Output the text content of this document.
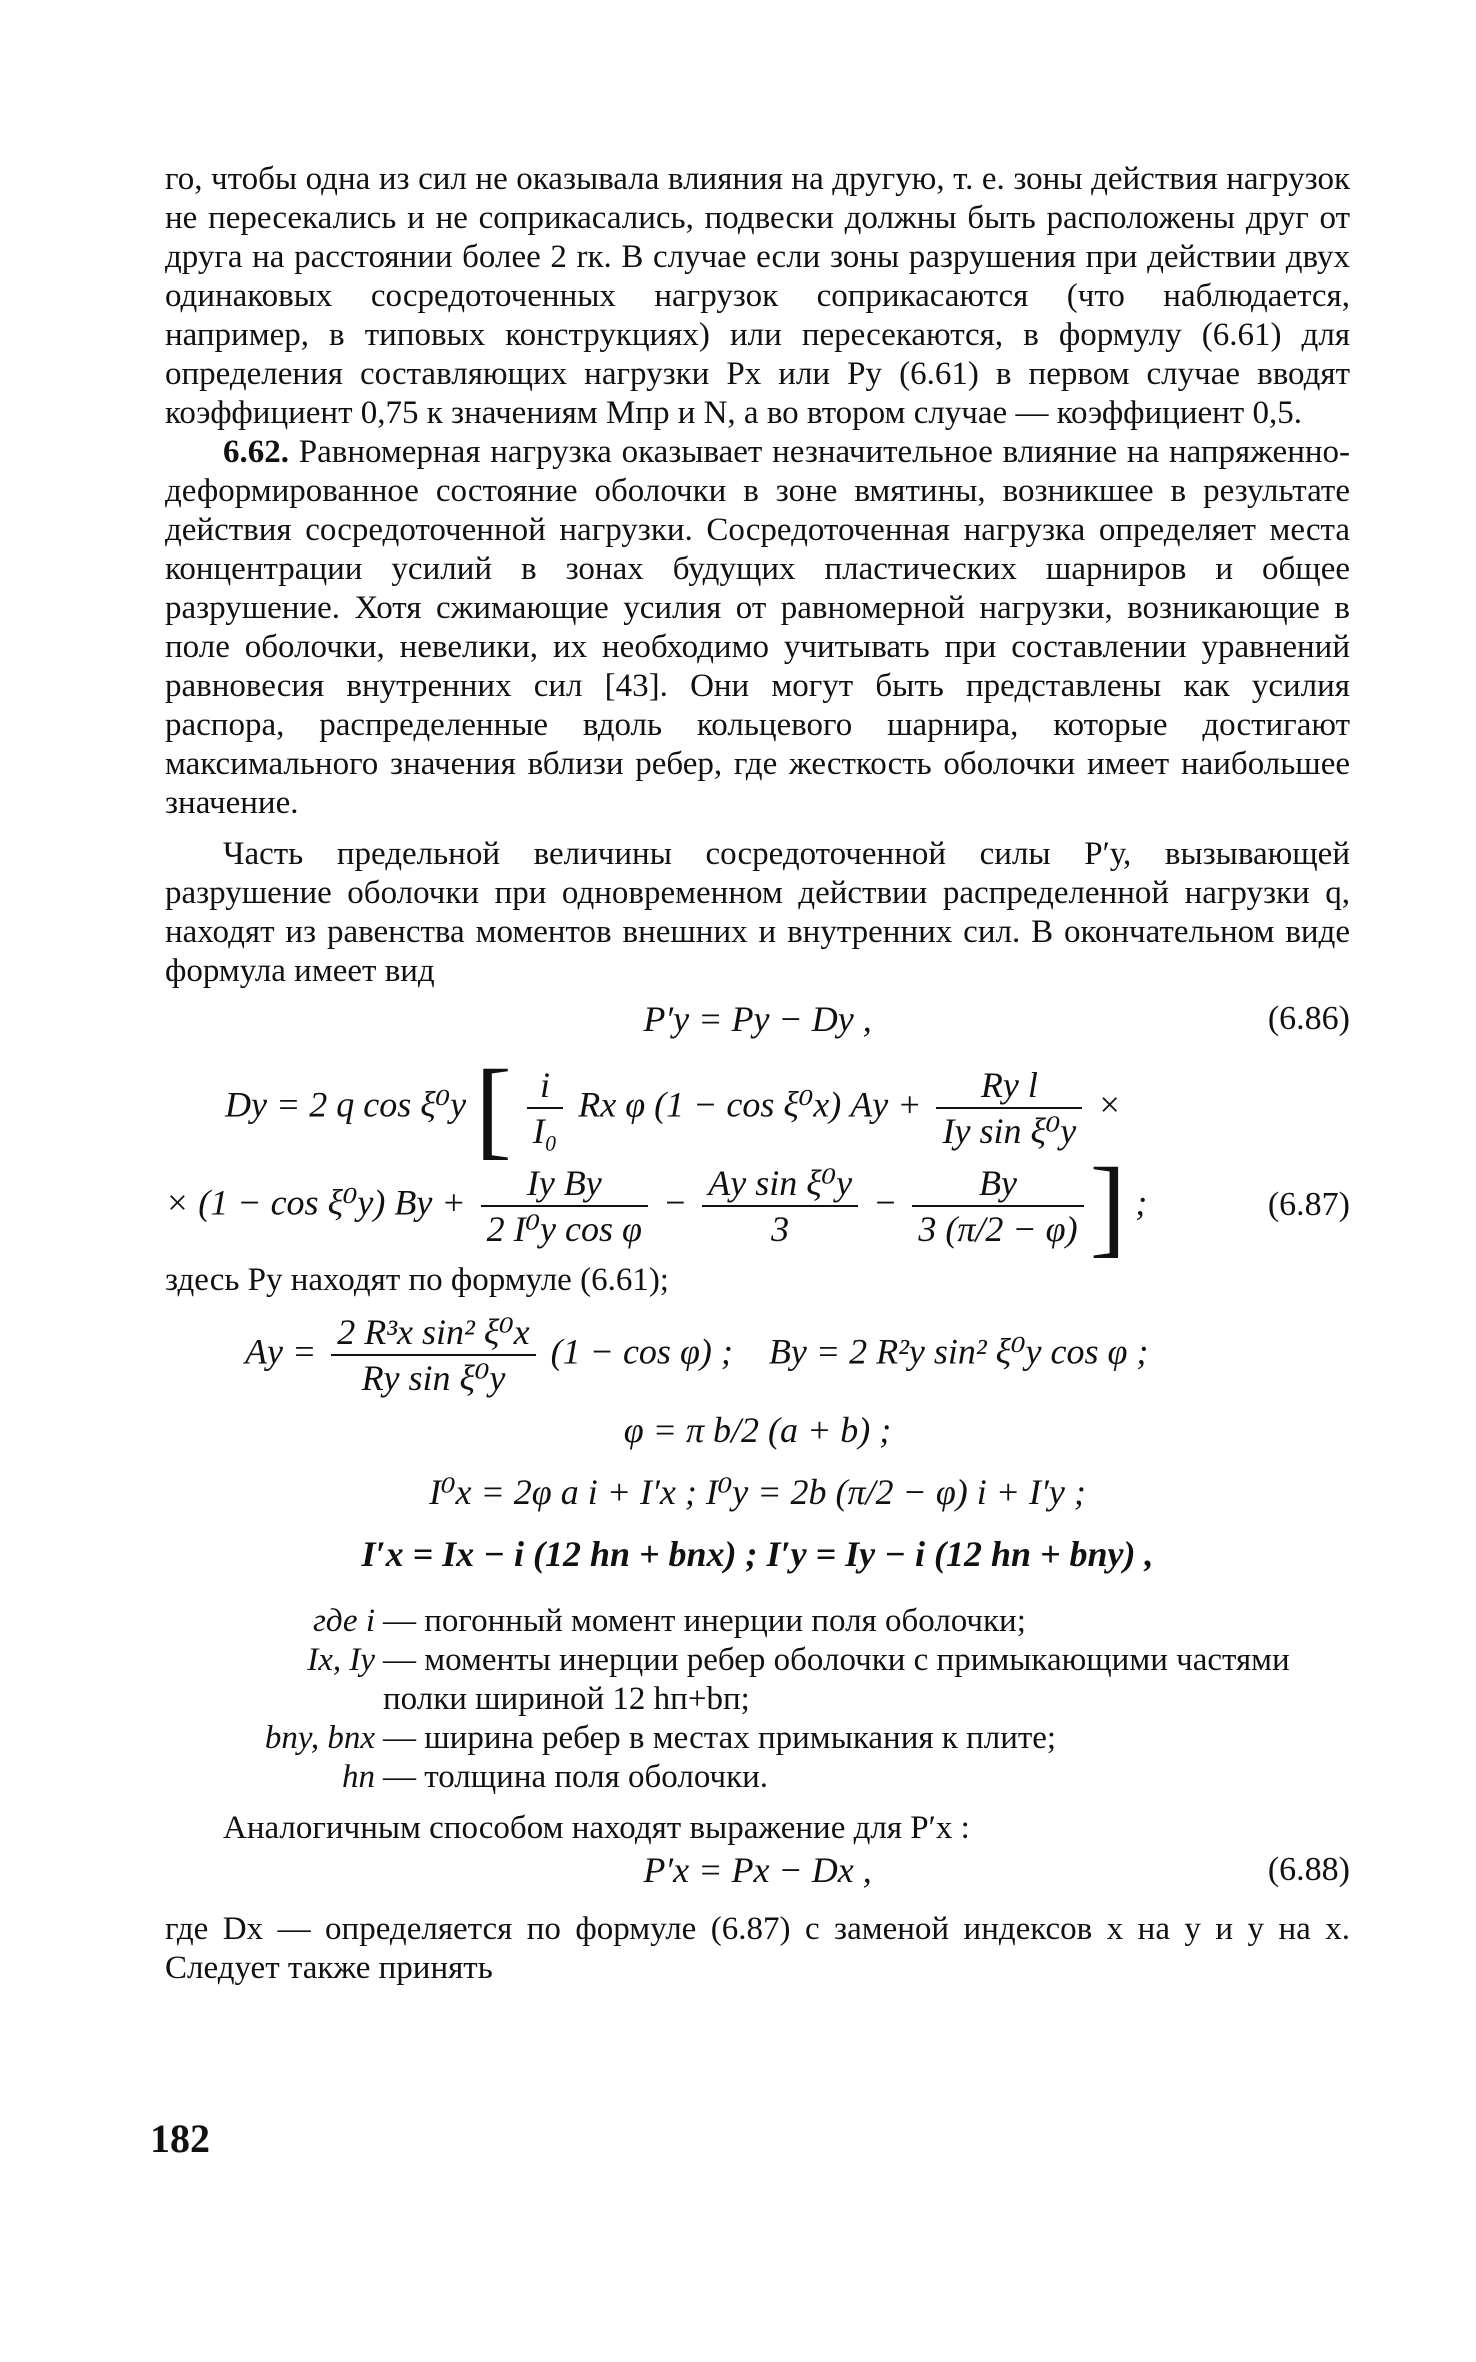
го, чтобы одна из сил не оказывала влияния на другую, т. е. зоны действия нагрузок не пересекались и не соприкасались, подвески должны быть расположены друг от друга на расстоянии более 2 rк. В случае если зоны разрушения при действии двух одинаковых сосредоточенных нагрузок соприкасаются (что наблюдается, например, в типовых конструкциях) или пересекаются, в формулу (6.61) для определения составляющих нагрузки Pх или Pу (6.61) в первом случае вводят коэффициент 0,75 к значениям Mпр и N, а во втором случае — коэффициент 0,5.

6.62. Равномерная нагрузка оказывает незначительное влияние на напряженно-деформированное состояние оболочки в зоне вмятины, возникшее в результате действия сосредоточенной нагрузки. Сосредоточенная нагрузка определяет места концентрации усилий в зонах будущих пластических шарниров и общее разрушение. Хотя сжимающие усилия от равномерной нагрузки, возникающие в поле оболочки, невелики, их необходимо учитывать при составлении уравнений равновесия внутренних сил [43]. Они могут быть представлены как усилия распора, распределенные вдоль кольцевого шарнира, которые достигают максимального значения вблизи ребер, где жесткость оболочки имеет наибольшее значение.

Часть предельной величины сосредоточенной силы P′у, вызывающей разрушение оболочки при одновременном действии распределенной нагрузки q, находят из равенства моментов внешних и внутренних сил. В окончательном виде формула имеет вид

P′у = Pу − Dу ,	(6.86)
Dу = 2 q cos ξ⁰у [ $\frac{i}{\text{I₀}}$ Rх φ (1 − cos ξ⁰х) Aу + $\frac{\text{Rу l}}{\text{Iу sin ξ⁰у}}$ ×
× (1 − cos ξ⁰у) Bу + $\frac{\text{Iу Bу}}{\text{2 I⁰у cos φ}} - \frac{\text{Aу sin ξ⁰у}}{3} - \frac{Bу}{3 (\pi/2 - \varphi)}$ ] ;	(6.87)

здесь Pу находят по формуле (6.61);

Aу = $\frac{\text{2 R³х sin² ξ⁰х}}{\text{Rу sin ξ⁰у}} (1 - \cos \varphi)$ ;    Bу = 2 R²у sin² ξ⁰у cos φ ;
φ = π b/2 (a + b) ;
I⁰х = 2φ a i + I′х ; I⁰у = 2b (π/2 − φ) i + I′у ;
I′х = Iх − i (12 hп + bпх) ; I′у = Iу − i (12 hп + bпу) ,
где i — погонный момент инерции поля оболочки;
Iх, Iу — моменты инерции ребер оболочки с примыкающими частями полки шириной 12 hп+bп;
bпу, bпх — ширина ребер в местах примыкания к плите;
hп — толщина поля оболочки.

Аналогичным способом находят выражение для P′х :

P′х = Pх − Dх ,	(6.88)

где Dх — определяется по формуле (6.87) с заменой индексов х на у и у на х. Следует также принять

182
